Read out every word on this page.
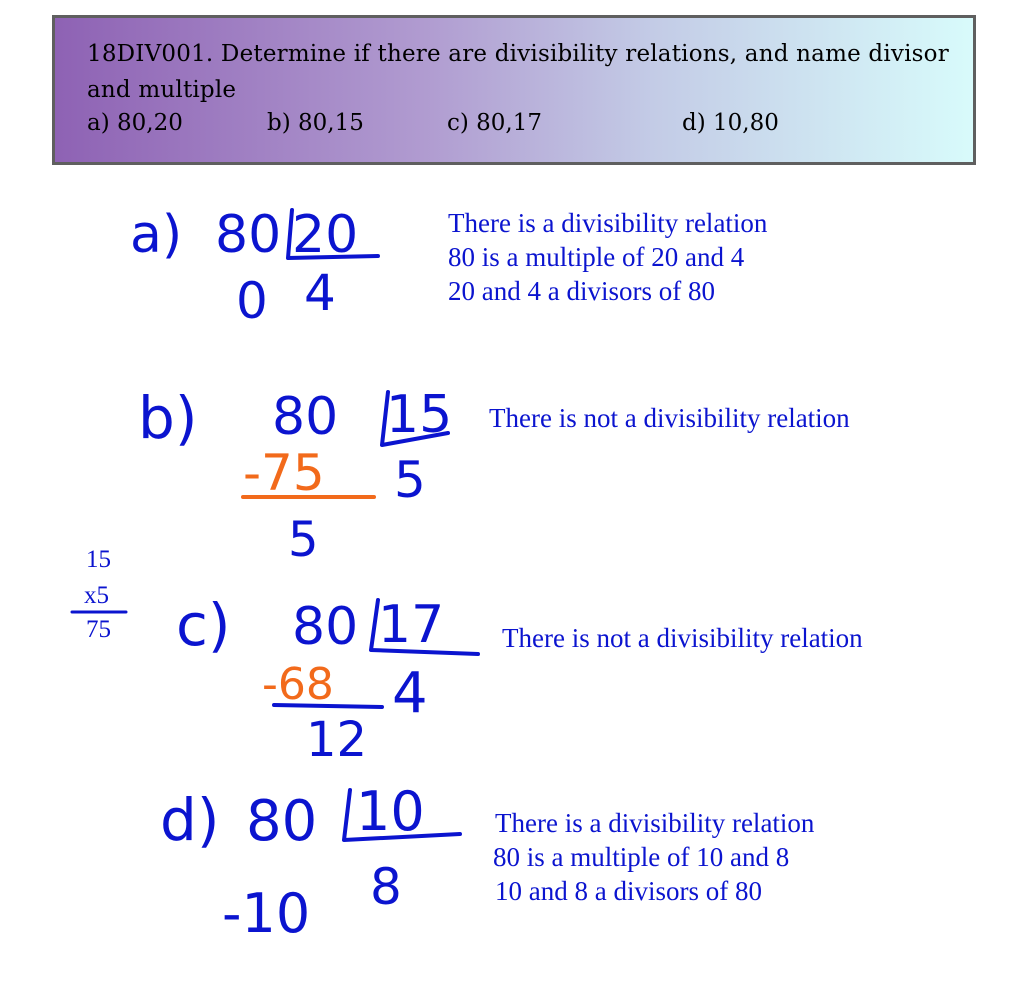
18DIV001. Determine if there are divisibility relations, and name divisor and multiple
a) 80,20	b) 80,15	c) 80,17	d) 10,80
a) 80 20
0 4
b) 80 15
5
-75
5
c) 80 17
4
-68
12
d) 80 10
8
-10
15
x5
75
There is a divisibility relation
80 is a multiple of 20 and 4
20 and 4 a divisors of 80
There is not a divisibility relation
There is not a divisibility relation
There is a divisibility relation
80 is a multiple of 10 and 8
10 and 8 a divisors of 80
